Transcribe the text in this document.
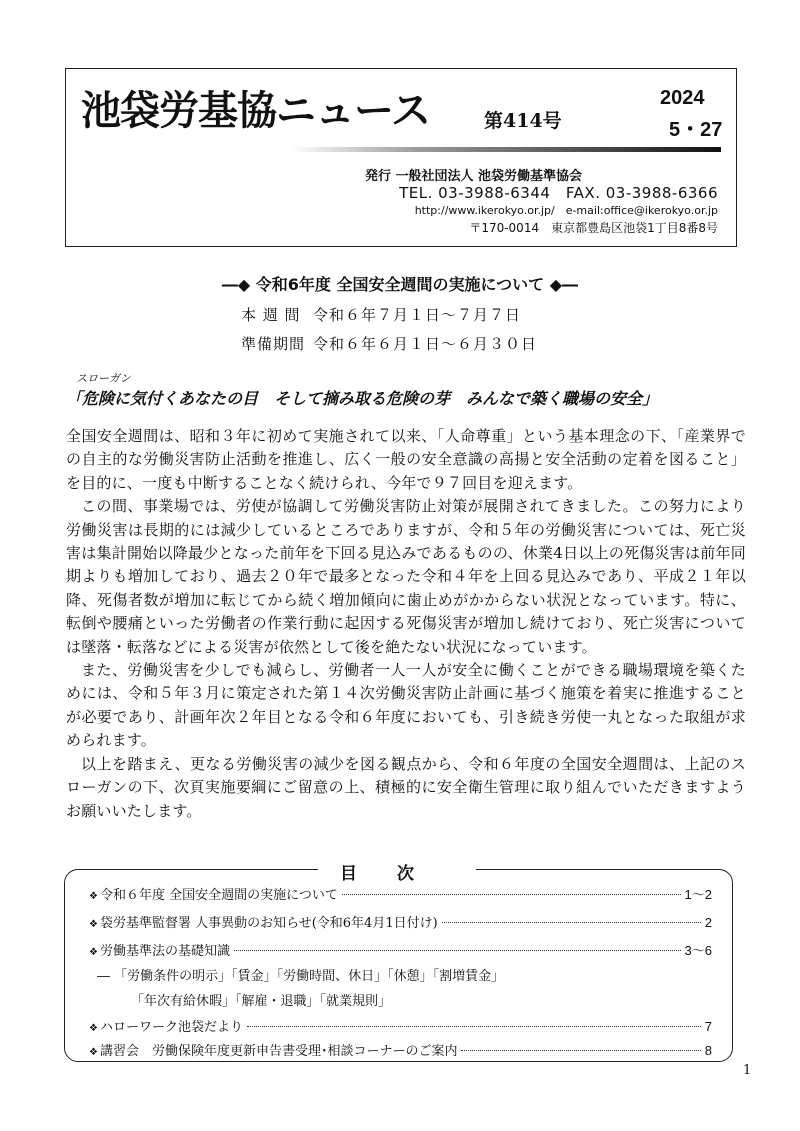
池袋労基協ニュース	第414号
2024
5・27
発行 一般社団法人 池袋労働基準協会
TEL. 03-3988-6344　FAX. 03-3988-6366
http://www.ikerokyo.or.jp/　e-mail:office@ikerokyo.or.jp
〒170-0014　東京都豊島区池袋1丁目8番8号
―◆ 令和6年度 全国安全週間の実施について ◆―
本 週 間 令和６年７月１日～７月７日
準備期間 令和６年６月１日～６月３０日
スローガン
「危険に気付くあなたの目　そして摘み取る危険の芽　みんなで築く職場の安全」

全国安全週間は、昭和３年に初めて実施されて以来、「人命尊重」という基本理念の下、「産業界での自主的な労働災害防止活動を推進し、広く一般の安全意識の高揚と安全活動の定着を図ること」を目的に、一度も中断することなく続けられ、今年で９７回目を迎えます。

この間、事業場では、労使が協調して労働災害防止対策が展開されてきました。この努力により労働災害は長期的には減少しているところでありますが、令和５年の労働災害については、死亡災害は集計開始以降最少となった前年を下回る見込みであるものの、休業4日以上の死傷災害は前年同期よりも増加しており、過去２０年で最多となった令和４年を上回る見込みであり、平成２１年以降、死傷者数が増加に転じてから続く増加傾向に歯止めがかからない状況となっています。特に、転倒や腰痛といった労働者の作業行動に起因する死傷災害が増加し続けており、死亡災害については墜落・転落などによる災害が依然として後を絶たない状況になっています。

また、労働災害を少しでも減らし、労働者一人一人が安全に働くことができる職場環境を築くためには、令和５年３月に策定された第１４次労働災害防止計画に基づく施策を着実に推進することが必要であり、計画年次２年目となる令和６年度においても、引き続き労使一丸となった取組が求められます。

以上を踏まえ、更なる労働災害の減少を図る観点から、令和６年度の全国安全週間は、上記のスローガンの下、次頁実施要綱にご留意の上、積極的に安全衛生管理に取り組んでいただきますようお願いいたします。

目次
❖ 令和６年度 全国安全週間の実施について	1～2
❖ 袋労基準監督署 人事異動のお知らせ(令和6年4月1日付け)	2
❖ 労働基準法の基礎知識	3～6
― 「労働条件の明示」「賃金」「労働時間、休日」「休憩」「割増賃金」
「年次有給休暇」「解雇・退職」「就業規則」
❖ ハローワーク池袋だより	7
❖ 講習会　労働保険年度更新申告書受理･相談コーナーのご案内	8
1
